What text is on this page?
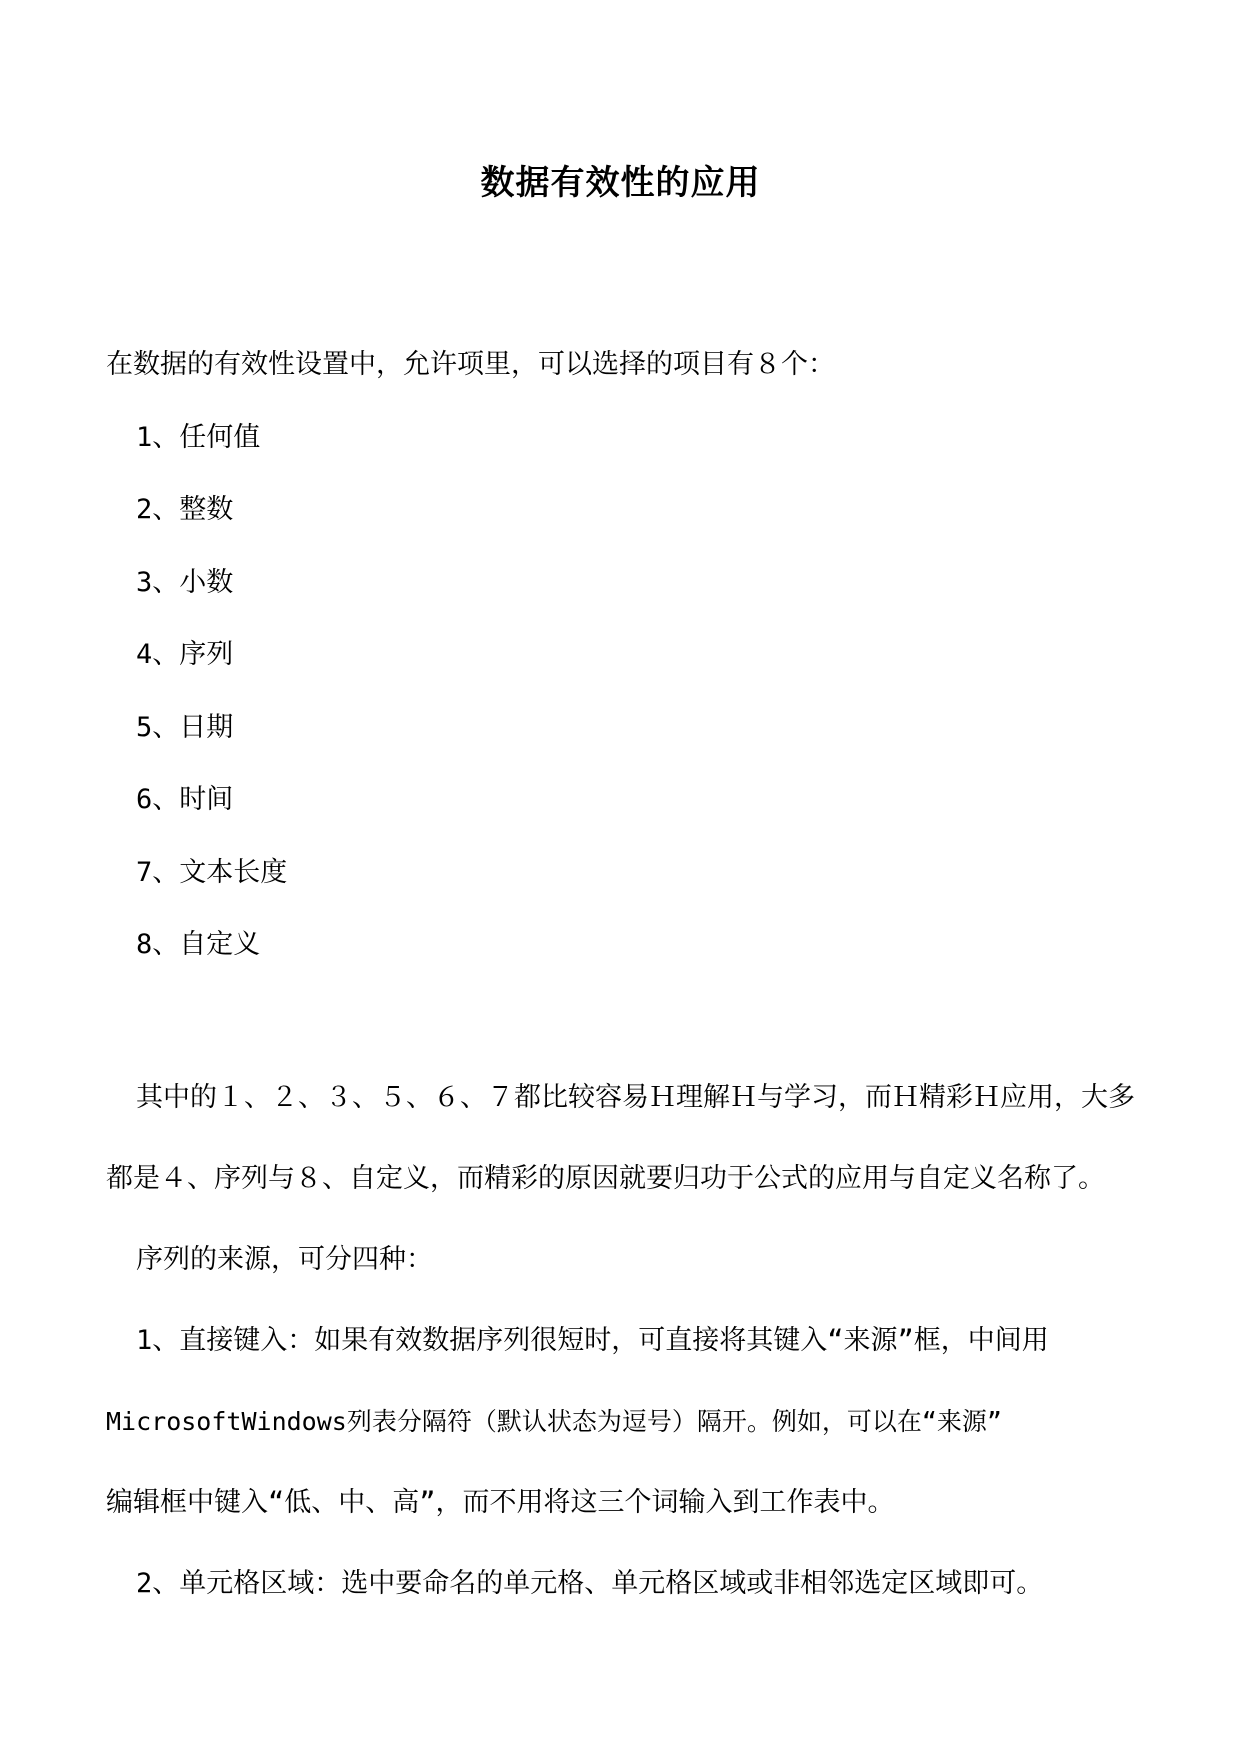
数据有效性的应用
在数据的有效性设置中，允许项里，可以选择的项目有８个：
1、任何值
2、整数
3、小数
4、序列
5、日期
6、时间
7、文本长度
8、自定义
其中的１、２、３、５、６、７都比较容易Ｈ理解Ｈ与学习，而Ｈ精彩Ｈ应用，大多
都是４、序列与８、自定义，而精彩的原因就要归功于公式的应用与自定义名称了。
序列的来源，可分四种：
1、直接键入：如果有效数据序列很短时，可直接将其键入“来源”框，中间用
MicrosoftWindows列表分隔符（默认状态为逗号）隔开。例如，可以在“来源”
编辑框中键入“低、中、高”，而不用将这三个词输入到工作表中。
2、单元格区域：选中要命名的单元格、单元格区域或非相邻选定区域即可。
